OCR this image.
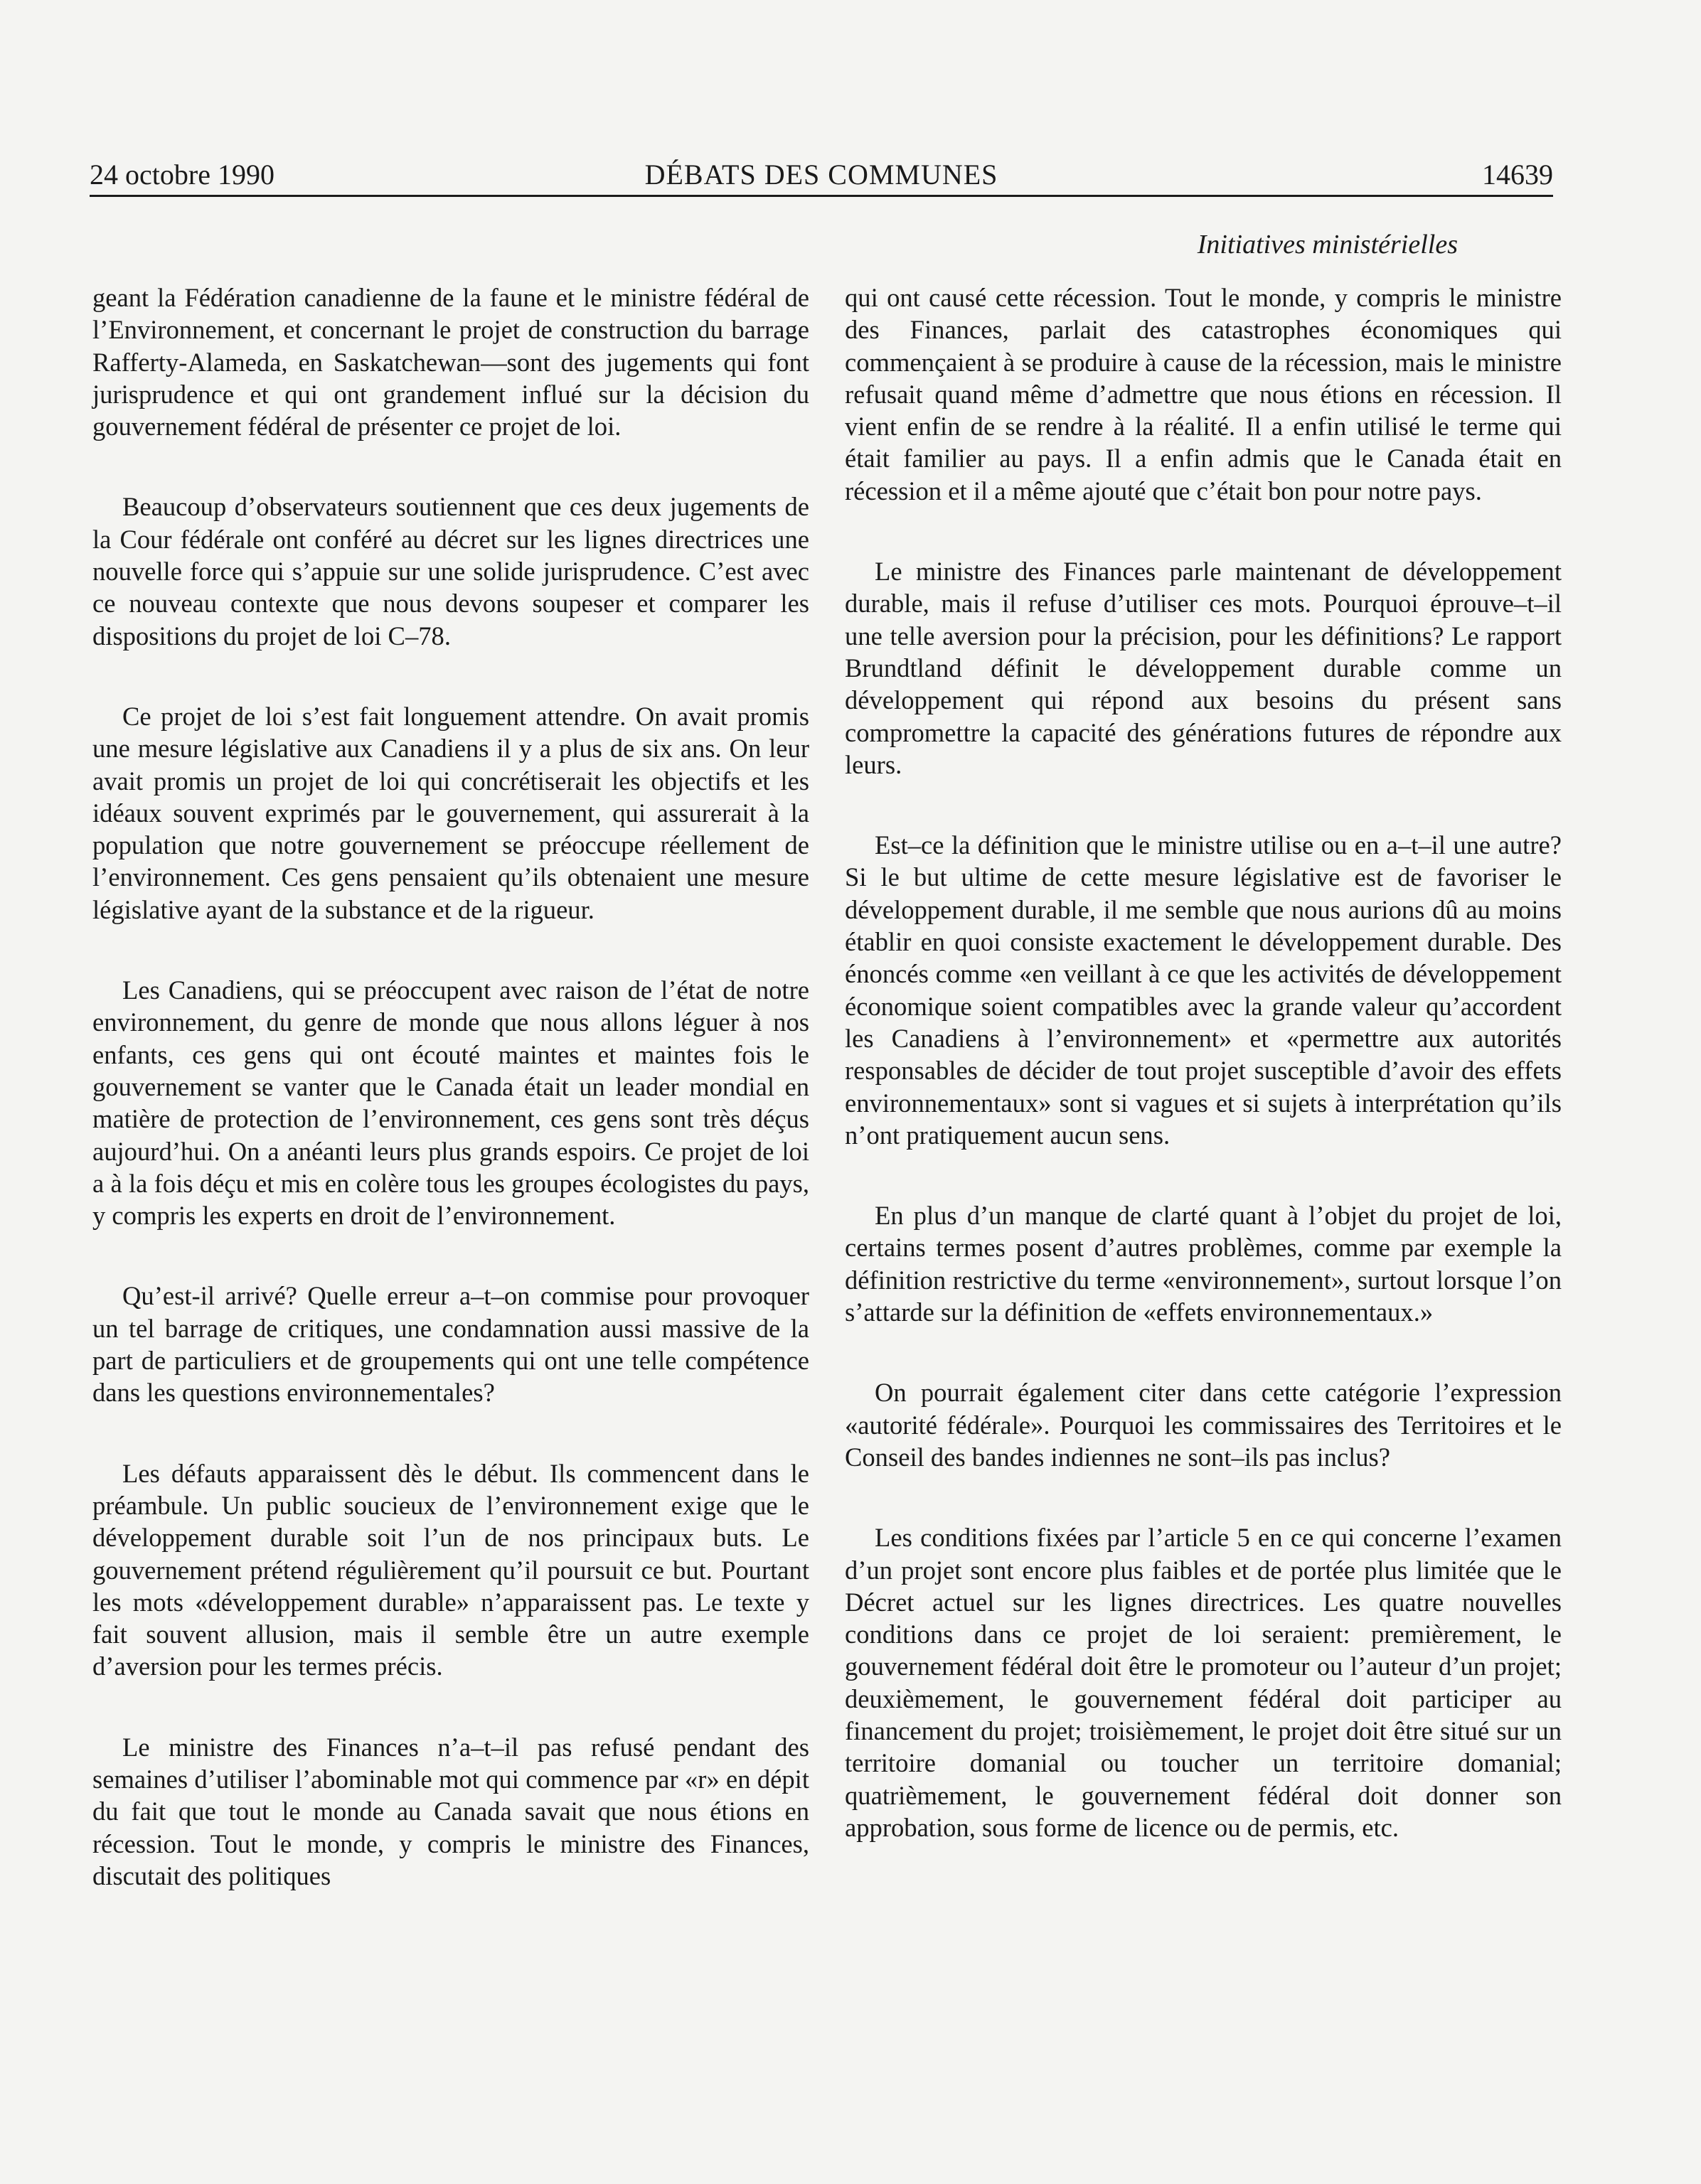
24 octobre 1990	DÉBATS DES COMMUNES	14639
Initiatives ministérielles

geant la Fédération canadienne de la faune et le ministre fédéral de l’Environnement, et concernant le projet de construction du barrage Rafferty-Alameda, en Saskatchewan—sont des jugements qui font jurisprudence et qui ont grandement influé sur la décision du gouvernement fédéral de présenter ce projet de loi.

Beaucoup d’observateurs soutiennent que ces deux jugements de la Cour fédérale ont conféré au décret sur les lignes directrices une nouvelle force qui s’appuie sur une solide jurisprudence. C’est avec ce nouveau contexte que nous devons soupeser et comparer les dispositions du projet de loi C–78.

Ce projet de loi s’est fait longuement attendre. On avait promis une mesure législative aux Canadiens il y a plus de six ans. On leur avait promis un projet de loi qui concrétiserait les objectifs et les idéaux souvent exprimés par le gouvernement, qui assurerait à la population que notre gouvernement se préoccupe réellement de l’environnement. Ces gens pensaient qu’ils obtenaient une mesure législative ayant de la substance et de la rigueur.

Les Canadiens, qui se préoccupent avec raison de l’état de notre environnement, du genre de monde que nous allons léguer à nos enfants, ces gens qui ont écouté maintes et maintes fois le gouvernement se vanter que le Canada était un leader mondial en matière de protection de l’environnement, ces gens sont très déçus aujourd’hui. On a anéanti leurs plus grands espoirs. Ce projet de loi a à la fois déçu et mis en colère tous les groupes écologistes du pays, y compris les experts en droit de l’environnement.

Qu’est-il arrivé? Quelle erreur a–t–on commise pour provoquer un tel barrage de critiques, une condamnation aussi massive de la part de particuliers et de groupements qui ont une telle compétence dans les questions environnementales?

Les défauts apparaissent dès le début. Ils commencent dans le préambule. Un public soucieux de l’environnement exige que le développement durable soit l’un de nos principaux buts. Le gouvernement prétend régulièrement qu’il poursuit ce but. Pourtant les mots «développement durable» n’apparaissent pas. Le texte y fait souvent allusion, mais il semble être un autre exemple d’aversion pour les termes précis.

Le ministre des Finances n’a–t–il pas refusé pendant des semaines d’utiliser l’abominable mot qui commence par «r» en dépit du fait que tout le monde au Canada savait que nous étions en récession. Tout le monde, y compris le ministre des Finances, discutait des politiques

qui ont causé cette récession. Tout le monde, y compris le ministre des Finances, parlait des catastrophes économiques qui commençaient à se produire à cause de la récession, mais le ministre refusait quand même d’admettre que nous étions en récession. Il vient enfin de se rendre à la réalité. Il a enfin utilisé le terme qui était familier au pays. Il a enfin admis que le Canada était en récession et il a même ajouté que c’était bon pour notre pays.

Le ministre des Finances parle maintenant de développement durable, mais il refuse d’utiliser ces mots. Pourquoi éprouve–t–il une telle aversion pour la précision, pour les définitions? Le rapport Brundtland définit le développement durable comme un développement qui répond aux besoins du présent sans compromettre la capacité des générations futures de répondre aux leurs.

Est–ce la définition que le ministre utilise ou en a–t–il une autre? Si le but ultime de cette mesure législative est de favoriser le développement durable, il me semble que nous aurions dû au moins établir en quoi consiste exactement le développement durable. Des énoncés comme «en veillant à ce que les activités de développement économique soient compatibles avec la grande valeur qu’accordent les Canadiens à l’environnement» et «permettre aux autorités responsables de décider de tout projet susceptible d’avoir des effets environnementaux» sont si vagues et si sujets à interprétation qu’ils n’ont pratiquement aucun sens.

En plus d’un manque de clarté quant à l’objet du projet de loi, certains termes posent d’autres problèmes, comme par exemple la définition restrictive du terme «environnement», surtout lorsque l’on s’attarde sur la définition de «effets environnementaux.»

On pourrait également citer dans cette catégorie l’expression «autorité fédérale». Pourquoi les commissaires des Territoires et le Conseil des bandes indiennes ne sont–ils pas inclus?

Les conditions fixées par l’article 5 en ce qui concerne l’examen d’un projet sont encore plus faibles et de portée plus limitée que le Décret actuel sur les lignes directrices. Les quatre nouvelles conditions dans ce projet de loi seraient: premièrement, le gouvernement fédéral doit être le promoteur ou l’auteur d’un projet; deuxièmement, le gouvernement fédéral doit participer au financement du projet; troisièmement, le projet doit être situé sur un territoire domanial ou toucher un territoire domanial; quatrièmement, le gouvernement fédéral doit donner son approbation, sous forme de licence ou de permis, etc.
